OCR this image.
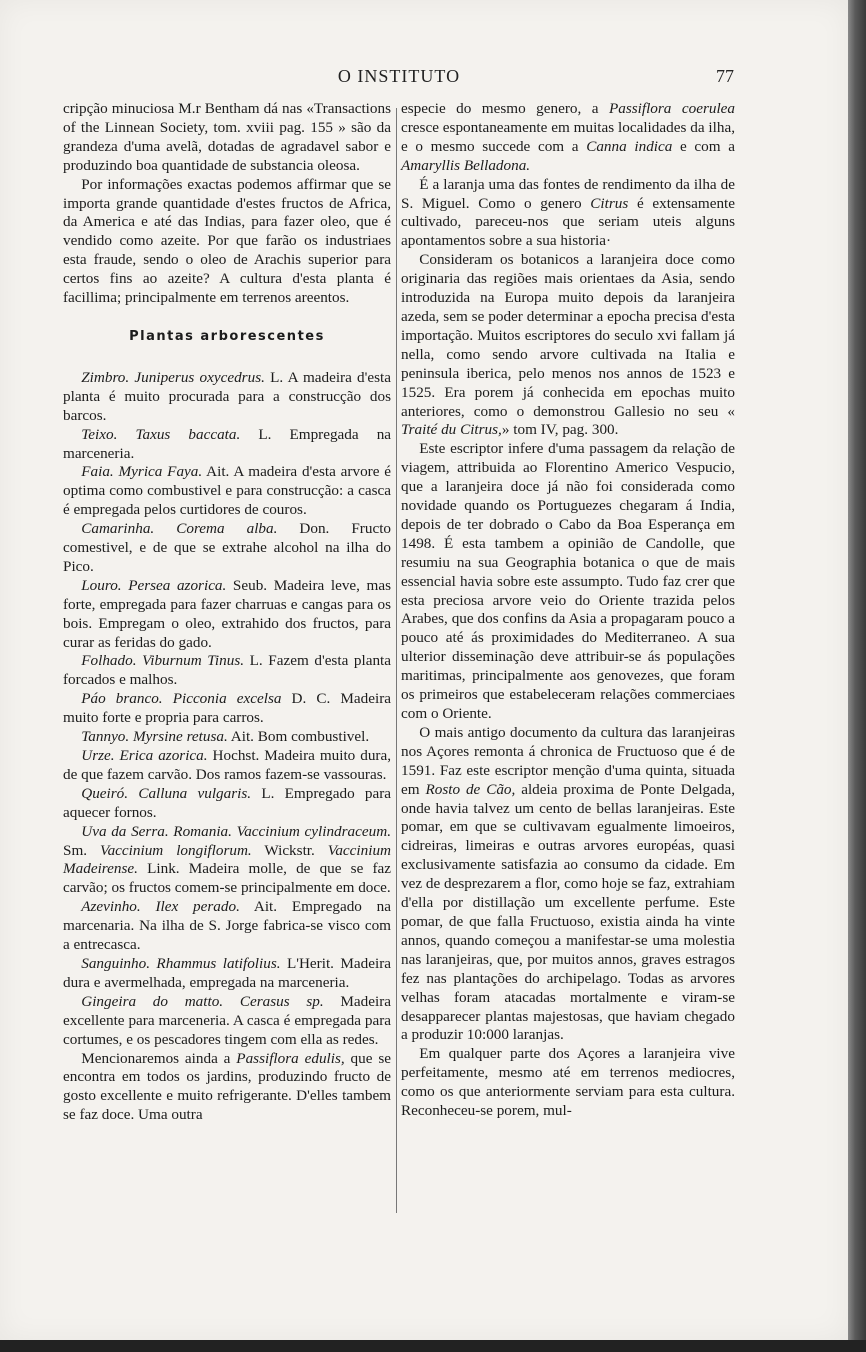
O INSTITUTO	77

cripção minuciosa M.r Bentham dá nas «Transactions of the Linnean Society, tom. xviii pag. 155 » são da grandeza d'uma avelã, dotadas de agradavel sabor e produzindo boa quantidade de substancia oleosa.

Por informações exactas podemos affirmar que se importa grande quantidade d'estes fructos de Africa, da America e até das Indias, para fazer oleo, que é vendido como azeite. Por que farão os industriaes esta fraude, sendo o oleo de Arachis superior para certos fins ao azeite? A cultura d'esta planta é facillima; principalmente em terrenos areentos.

Plantas arborescentes

Zimbro. Juniperus oxycedrus. L. A madeira d'esta planta é muito procurada para a construcção dos barcos.

Teixo. Taxus baccata. L. Empregada na marceneria.

Faia. Myrica Faya. Ait. A madeira d'esta arvore é optima como combustivel e para construcção: a casca é empregada pelos curtidores de couros.

Camarinha. Corema alba. Don. Fructo comestivel, e de que se extrahe alcohol na ilha do Pico.

Louro. Persea azorica. Seub. Madeira leve, mas forte, empregada para fazer charruas e cangas para os bois. Empregam o oleo, extrahido dos fructos, para curar as feridas do gado.

Folhado. Viburnum Tinus. L. Fazem d'esta planta forcados e malhos.

Páo branco. Picconia excelsa D. C. Madeira muito forte e propria para carros.

Tannyo. Myrsine retusa. Ait. Bom combustivel.

Urze. Erica azorica. Hochst. Madeira muito dura, de que fazem carvão. Dos ramos fazem-se vassouras.

Queiró. Calluna vulgaris. L. Empregado para aquecer fornos.

Uva da Serra. Romania. Vaccinium cylindraceum. Sm. Vaccinium longiflorum. Wickstr. Vaccinium Madeirense. Link. Madeira molle, de que se faz carvão; os fructos comem-se principalmente em doce.

Azevinho. Ilex perado. Ait. Empregado na marcenaria. Na ilha de S. Jorge fabrica-se visco com a entrecasca.

Sanguinho. Rhammus latifolius. L'Herit. Madeira dura e avermelhada, empregada na marceneria.

Gingeira do matto. Cerasus sp. Madeira excellente para marceneria. A casca é empregada para cortumes, e os pescadores tingem com ella as redes.

Mencionaremos ainda a Passiflora edulis, que se encontra em todos os jardins, produzindo fructo de gosto excellente e muito refrigerante. D'elles tambem se faz doce. Uma outra

especie do mesmo genero, a Passiflora coerulea cresce espontaneamente em muitas localidades da ilha, e o mesmo succede com a Canna indica e com a Amaryllis Belladona.

É a laranja uma das fontes de rendimento da ilha de S. Miguel. Como o genero Citrus é extensamente cultivado, pareceu-nos que seriam uteis alguns apontamentos sobre a sua historia·

Consideram os botanicos a laranjeira doce como originaria das regiões mais orientaes da Asia, sendo introduzida na Europa muito depois da laranjeira azeda, sem se poder determinar a epocha precisa d'esta importação. Muitos escriptores do seculo xvi fallam já nella, como sendo arvore cultivada na Italia e peninsula iberica, pelo menos nos annos de 1523 e 1525. Era porem já conhecida em epochas muito anteriores, como o demonstrou Gallesio no seu « Traité du Citrus,» tom IV, pag. 300.

Este escriptor infere d'uma passagem da relação de viagem, attribuida ao Florentino Americo Vespucio, que a laranjeira doce já não foi considerada como novidade quando os Portuguezes chegaram á India, depois de ter dobrado o Cabo da Boa Esperança em 1498. É esta tambem a opinião de Candolle, que resumiu na sua Geographia botanica o que de mais essencial havia sobre este assumpto. Tudo faz crer que esta preciosa arvore veio do Oriente trazida pelos Arabes, que dos confins da Asia a propagaram pouco a pouco até ás proximidades do Mediterraneo. A sua ulterior disseminação deve attribuir-se ás populações maritimas, principalmente aos genovezes, que foram os primeiros que estabeleceram relações commerciaes com o Oriente.

O mais antigo documento da cultura das laranjeiras nos Açores remonta á chronica de Fructuoso que é de 1591. Faz este escriptor menção d'uma quinta, situada em Rosto de Cão, aldeia proxima de Ponte Delgada, onde havia talvez um cento de bellas laranjeiras. Este pomar, em que se cultivavam egualmente limoeiros, cidreiras, limeiras e outras arvores européas, quasi exclusivamente satisfazia ao consumo da cidade. Em vez de desprezarem a flor, como hoje se faz, extrahiam d'ella por distillação um excellente perfume. Este pomar, de que falla Fructuoso, existia ainda ha vinte annos, quando começou a manifestar-se uma molestia nas laranjeiras, que, por muitos annos, graves estragos fez nas plantações do archipelago. Todas as arvores velhas foram atacadas mortalmente e viram-se desapparecer plantas majestosas, que haviam chegado a produzir 10:000 laranjas.

Em qualquer parte dos Açores a laranjeira vive perfeitamente, mesmo até em terrenos mediocres, como os que anteriormente serviam para esta cultura. Reconheceu-se porem, mul-
